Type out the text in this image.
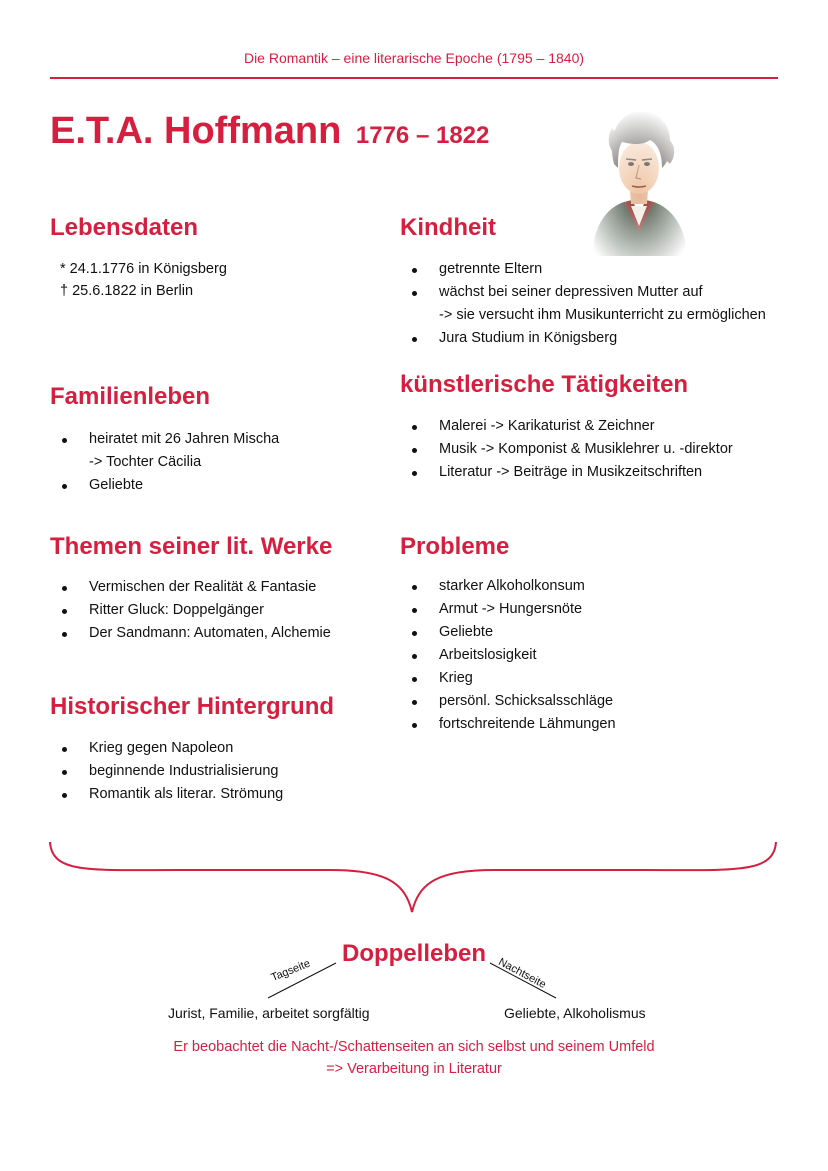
Die Romantik – eine literarische Epoche (1795 – 1840)
E.T.A. Hoffmann 1776 – 1822
Lebensdaten
* 24.1.1776 in Königsberg
† 25.6.1822 in Berlin
Kindheit
getrennte Eltern
wächst bei seiner depressiven Mutter auf
-> sie versucht ihm Musikunterricht zu ermöglichen
Jura Studium in Königsberg
Familienleben
heiratet mit 26 Jahren Mischa
-> Tochter Cäcilia
Geliebte
künstlerische Tätigkeiten
Malerei -> Karikaturist & Zeichner
Musik -> Komponist & Musiklehrer u. -direktor
Literatur -> Beiträge in Musikzeitschriften
Themen seiner lit. Werke
Vermischen der Realität & Fantasie
Ritter Gluck: Doppelgänger
Der Sandmann: Automaten, Alchemie
Probleme
starker Alkoholkonsum
Armut -> Hungersnöte
Geliebte
Arbeitslosigkeit
Krieg
persönl. Schicksalsschläge
fortschreitende Lähmungen
Historischer Hintergrund
Krieg gegen Napoleon
beginnende Industrialisierung
Romantik als literar. Strömung
Doppelleben
Tagseite	Nachtseite
Jurist, Familie, arbeitet sorgfältig	Geliebte, Alkoholismus
Er beobachtet die Nacht-/Schattenseiten an sich selbst und seinem Umfeld
=> Verarbeitung in Literatur
